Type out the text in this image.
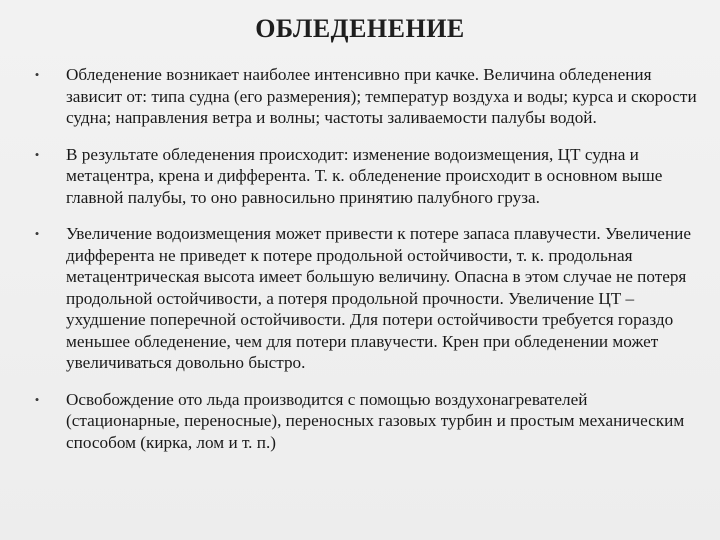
ОБЛЕДЕНЕНИЕ
• Обледенение возникает наиболее интенсивно при качке. Величина обледенения зависит от: типа судна (его размерения); температур воздуха и воды; курса и скорости судна; направления ветра и волны; частоты заливаемости палубы водой.
• В результате обледенения происходит: изменение водоизмещения, ЦТ судна и метацентра, крена и дифферента. Т. к. обледенение происходит в основном выше главной палубы, то оно равносильно принятию палубного груза.
• Увеличение водоизмещения может привести к потере запаса плавучести. Увеличение дифферента не приведет к потере продольной остойчивости, т. к. продольная метацентрическая высота имеет большую величину. Опасна в этом случае не потеря продольной остойчивости, а потеря продольной прочности. Увеличение ЦТ – ухудшение поперечной остойчивости. Для потери остойчивости требуется гораздо меньшее обледенение, чем для потери плавучести. Крен при обледенении может увеличиваться довольно быстро.
• Освобождение ото льда производится с помощью воздухонагревателей (стационарные, переносные), переносных газовых турбин и простым механическим способом (кирка, лом и т. п.)
